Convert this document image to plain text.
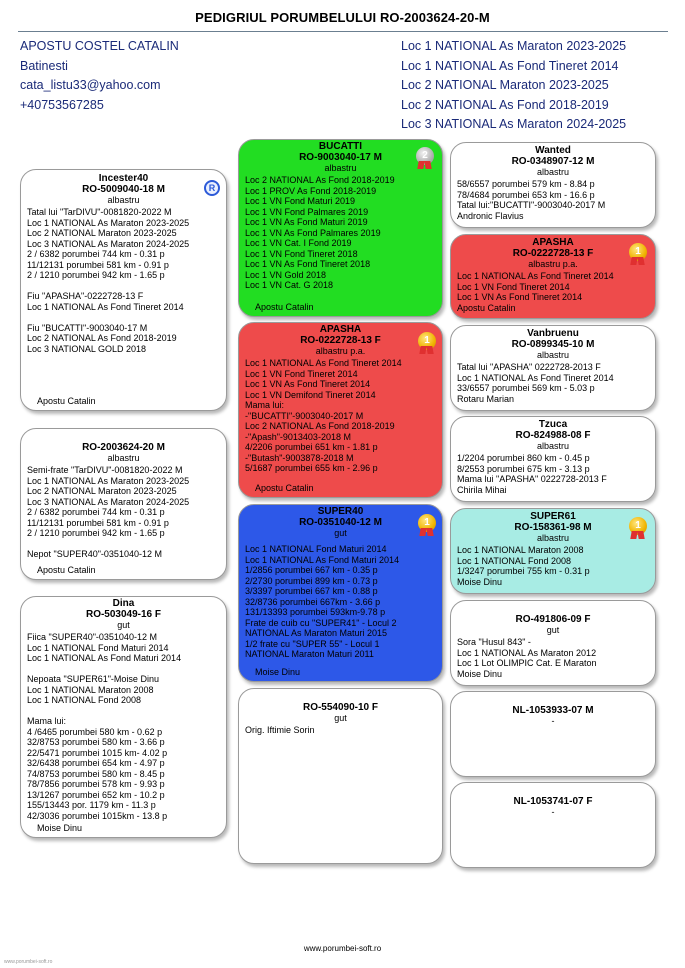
PEDIGRIUL PORUMBELULUI RO-2003624-20-M
APOSTU COSTEL CATALIN
Batinesti
cata_listu33@yahoo.com
+40753567285
Loc 1 NATIONAL As Maraton 2023-2025
Loc 1 NATIONAL As Fond Tineret 2014
Loc 2 NATIONAL Maraton 2023-2025
Loc 2 NATIONAL As Fond 2018-2019
Loc 3 NATIONAL As Maraton 2024-2025
R
Incester40
RO-5009040-18 M
albastru
Tatal lui "TarDIVU"-0081820-2022 M
Loc 1 NATIONAL As Maraton 2023-2025
Loc 2 NATIONAL Maraton 2023-2025
Loc 3 NATIONAL As Maraton 2024-2025
2 / 6382 porumbei 744 km - 0.31 p
11/12131 porumbei 581 km - 0.91 p
2 / 1210 porumbei 942 km - 1.65 p
Fiu "APASHA"-0222728-13 F
Loc 1 NATIONAL As Fond Tineret 2014
Fiu "BUCATTI"-9003040-17 M
Loc 2 NATIONAL As Fond 2018-2019
Loc 3 NATIONAL GOLD 2018
Apostu Catalin
RO-2003624-20 M
albastru
Semi-frate "TarDIVU"-0081820-2022 M
Loc 1 NATIONAL As Maraton 2023-2025
Loc 2 NATIONAL Maraton 2023-2025
Loc 3 NATIONAL As Maraton 2024-2025
2 / 6382 porumbei 744 km - 0.31 p
11/12131 porumbei 581 km - 0.91 p
2 / 1210 porumbei 942 km - 1.65 p
Nepot "SUPER40"-0351040-12 M
Apostu Catalin
Dina
RO-503049-16 F
gut
Fiica "SUPER40"-0351040-12 M
Loc 1 NATIONAL Fond Maturi 2014
Loc 1 NATIONAL As Fond Maturi 2014
Nepoata "SUPER61"-Moise Dinu
Loc 1 NATIONAL Maraton 2008
Loc 1 NATIONAL Fond 2008
Mama lui:
4 /6465 porumbei 580 km - 0.62 p
32/8753 porumbei 580 km - 3.66 p
22/5471 porumbei 1015 km- 4.02 p
32/6438 porumbei 654 km - 4.97 p
74/8753 porumbei 580 km - 8.45 p
78/7856 porumbei 578 km - 9.93 p
13/1267 porumbei 652 km - 10.2 p
155/13443 por. 1179 km - 11.3 p
42/3036 porumbei 1015km - 13.8 p
Moise Dinu
2
BUCATTI
RO-9003040-17 M
albastru
Loc 2 NATIONAL As Fond 2018-2019
Loc 1 PROV As Fond 2018-2019
Loc 1 VN Fond Maturi 2019
Loc 1 VN Fond Palmares 2019
Loc 1 VN As Fond Maturi 2019
Loc 1 VN As Fond Palmares 2019
Loc 1 VN Cat. I Fond 2019
Loc 1 VN Fond Tineret 2018
Loc 1 VN As Fond Tineret 2018
Loc 1 VN Gold 2018
Loc 1 VN Cat. G 2018
Apostu Catalin
1
APASHA
RO-0222728-13 F
albastru p.a.
Loc 1 NATIONAL As Fond Tineret 2014
Loc 1 VN Fond Tineret 2014
Loc 1 VN As Fond Tineret 2014
Loc 1 VN Demifond Tineret 2014
Mama lui:
-"BUCATTI"-9003040-2017 M
Loc 2 NATIONAL As Fond 2018-2019
-"Apash"-9013403-2018 M
4/2206 porumbei 651 km - 1.81 p
-"Butash"-9003878-2018 M
5/1687 porumbei 655 km - 2.96 p
Apostu Catalin
1
SUPER40
RO-0351040-12 M
gut
Loc 1 NATIONAL Fond Maturi 2014
Loc 1 NATIONAL As Fond Maturi 2014
1/2856 porumbei 667 km - 0.35 p
2/2730 porumbei 899 km - 0.73 p
3/3397 porumbei 667 km - 0.88 p
32/8736 porumbei 667km - 3.66 p
131/13393 porumbei 593km-9.78 p
Frate de cuib cu "SUPER41" - Locul 2
NATIONAL As Maraton Maturi 2015
1/2 frate cu "SUPER 55" - Locul 1
NATIONAL Maraton Maturi 2011
Moise Dinu
RO-554090-10 F
gut
Orig. Iftimie Sorin
Wanted
RO-0348907-12 M
albastru
58/6557 porumbei 579 km - 8.84 p
78/4684 porumbei 653 km - 16.6 p
Tatal lui:"BUCATTI"-9003040-2017 M
Andronic Flavius
1
APASHA
RO-0222728-13 F
albastru p.a.
Loc 1 NATIONAL As Fond Tineret 2014
Loc 1 VN Fond Tineret 2014
Loc 1 VN As Fond Tineret 2014
Apostu Catalin
Vanbruenu
RO-0899345-10 M
albastru
Tatal lui "APASHA" 0222728-2013 F
Loc 1 NATIONAL As Fond Tineret 2014
33/6557 porumbei 569 km - 5.03 p
Rotaru Marian
Tzuca
RO-824988-08 F
albastru
1/2204 porumbei 860 km - 0.45 p
8/2553 porumbei 675 km - 3.13 p
Mama lui "APASHA" 0222728-2013 F
Chirila Mihai
1
SUPER61
RO-158361-98 M
albastru
Loc 1 NATIONAL Maraton 2008
Loc 1 NATIONAL Fond 2008
1/3247 porumbei 755 km - 0.31 p
Moise Dinu
RO-491806-09 F
gut
Sora "Husul 843" -
Loc 1 NATIONAL As Maraton 2012
Loc 1 Lot OLIMPIC Cat. E Maraton
Moise Dinu
NL-1053933-07 M
-
NL-1053741-07 F
-
www.porumbei-soft.ro
www.porumbei-soft.ro
